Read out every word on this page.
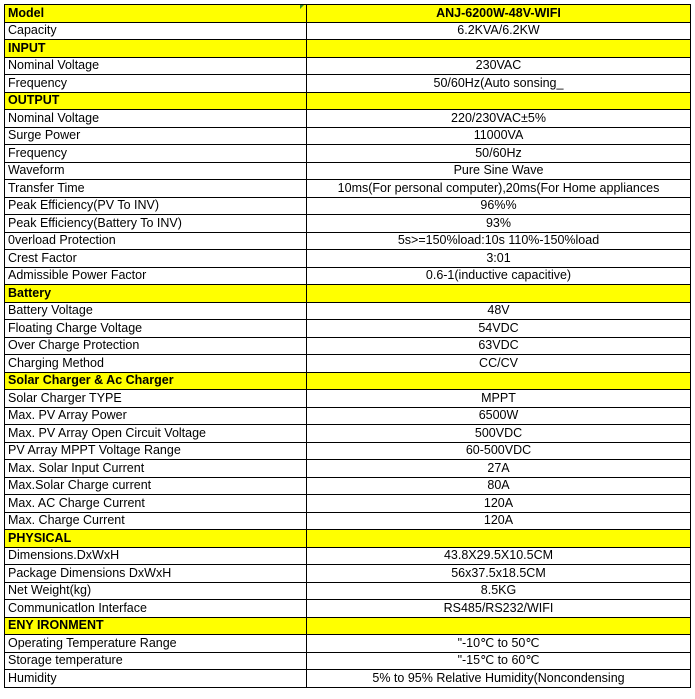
Model	ANJ-6200W-48V-WIFI
Capacity	6.2KVA/6.2KW
INPUT	
Nominal Voltage	230VAC
Frequency	50/60Hz(Auto sonsing_
OUTPUT	
Nominal Voltage	220/230VAC±5%
Surge Power	11000VA
Frequency	50/60Hz
Waveform	Pure Sine Wave
Transfer Time	10ms(For personal computer),20ms(For Home appliances
Peak Efficiency(PV To INV)	96%%
Peak Efficiency(Battery To INV)	93%
0verload Protection	5s>=150%load:10s 110%-150%load
Crest Factor	3:01
Admissible Power Factor	0.6-1(inductive capacitive)
Battery	
Battery Voltage	48V
Floating Charge Voltage	54VDC
Over Charge Protection	63VDC
Charging Method	CC/CV
Solar Charger & Ac Charger	
Solar Charger TYPE	MPPT
Max. PV Array Power	6500W
Max. PV Array Open Circuit Voltage	500VDC
PV Array MPPT Voltage Range	60-500VDC
Max. Solar Input Current	27A
Max.Solar Charge current	80A
Max. AC Charge Current	120A
Max. Charge Current	120A
PHYSICAL	
Dimensions.DxWxH	43.8X29.5X10.5CM
Package Dimensions DxWxH	56x37.5x18.5CM
Net Weight(kg)	8.5KG
Communicatlon Interface	RS485/RS232/WIFI
ENY IRONMENT	
Operating Temperature Range	"-10℃ to 50℃
Storage temperature	"-15℃ to 60℃
Humidity	5% to 95% Relative Humidity(Noncondensing
